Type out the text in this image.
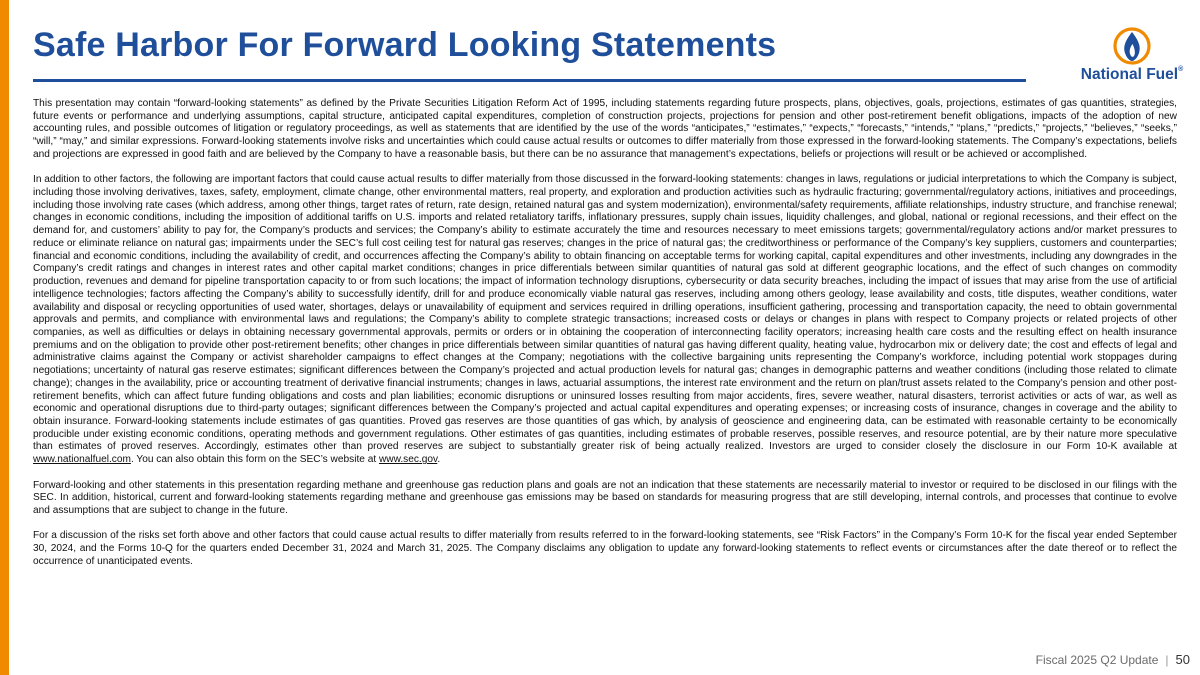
Safe Harbor For Forward Looking Statements
National Fuel®

This presentation may contain “forward-looking statements” as defined by the Private Securities Litigation Reform Act of 1995, including statements regarding future prospects, plans, objectives, goals, projections, estimates of gas quantities, strategies, future events or performance and underlying assumptions, capital structure, anticipated capital expenditures, completion of construction projects, projections for pension and other post-retirement benefit obligations, impacts of the adoption of new accounting rules, and possible outcomes of litigation or regulatory proceedings, as well as statements that are identified by the use of the words “anticipates,” “estimates,” “expects,” “forecasts,” “intends,” “plans,” “predicts,” “projects,” “believes,” “seeks,” “will,” “may,” and similar expressions. Forward-looking statements involve risks and uncertainties which could cause actual results or outcomes to differ materially from those expressed in the forward-looking statements. The Company’s expectations, beliefs and projections are expressed in good faith and are believed by the Company to have a reasonable basis, but there can be no assurance that management’s expectations, beliefs or projections will result or be achieved or accomplished.

In addition to other factors, the following are important factors that could cause actual results to differ materially from those discussed in the forward-looking statements: changes in laws, regulations or judicial interpretations to which the Company is subject, including those involving derivatives, taxes, safety, employment, climate change, other environmental matters, real property, and exploration and production activities such as hydraulic fracturing; governmental/regulatory actions, initiatives and proceedings, including those involving rate cases (which address, among other things, target rates of return, rate design, retained natural gas and system modernization), environmental/safety requirements, affiliate relationships, industry structure, and franchise renewal; changes in economic conditions, including the imposition of additional tariffs on U.S. imports and related retaliatory tariffs, inflationary pressures, supply chain issues, liquidity challenges, and global, national or regional recessions, and their effect on the demand for, and customers’ ability to pay for, the Company’s products and services; the Company’s ability to estimate accurately the time and resources necessary to meet emissions targets; governmental/regulatory actions and/or market pressures to reduce or eliminate reliance on natural gas; impairments under the SEC’s full cost ceiling test for natural gas reserves; changes in the price of natural gas; the creditworthiness or performance of the Company’s key suppliers, customers and counterparties; financial and economic conditions, including the availability of credit, and occurrences affecting the Company’s ability to obtain financing on acceptable terms for working capital, capital expenditures and other investments, including any downgrades in the Company’s credit ratings and changes in interest rates and other capital market conditions; changes in price differentials between similar quantities of natural gas sold at different geographic locations, and the effect of such changes on commodity production, revenues and demand for pipeline transportation capacity to or from such locations; the impact of information technology disruptions, cybersecurity or data security breaches, including the impact of issues that may arise from the use of artificial intelligence technologies; factors affecting the Company’s ability to successfully identify, drill for and produce economically viable natural gas reserves, including among others geology, lease availability and costs, title disputes, weather conditions, water availability and disposal or recycling opportunities of used water, shortages, delays or unavailability of equipment and services required in drilling operations, insufficient gathering, processing and transportation capacity, the need to obtain governmental approvals and permits, and compliance with environmental laws and regulations; the Company’s ability to complete strategic transactions; increased costs or delays or changes in plans with respect to Company projects or related projects of other companies, as well as difficulties or delays in obtaining necessary governmental approvals, permits or orders or in obtaining the cooperation of interconnecting facility operators; increasing health care costs and the resulting effect on health insurance premiums and on the obligation to provide other post-retirement benefits; other changes in price differentials between similar quantities of natural gas having different quality, heating value, hydrocarbon mix or delivery date; the cost and effects of legal and administrative claims against the Company or activist shareholder campaigns to effect changes at the Company; negotiations with the collective bargaining units representing the Company’s workforce, including potential work stoppages during negotiations; uncertainty of natural gas reserve estimates; significant differences between the Company’s projected and actual production levels for natural gas; changes in demographic patterns and weather conditions (including those related to climate change); changes in the availability, price or accounting treatment of derivative financial instruments; changes in laws, actuarial assumptions, the interest rate environment and the return on plan/trust assets related to the Company’s pension and other post-retirement benefits, which can affect future funding obligations and costs and plan liabilities; economic disruptions or uninsured losses resulting from major accidents, fires, severe weather, natural disasters, terrorist activities or acts of war, as well as economic and operational disruptions due to third-party outages; significant differences between the Company’s projected and actual capital expenditures and operating expenses; or increasing costs of insurance, changes in coverage and the ability to obtain insurance. Forward-looking statements include estimates of gas quantities. Proved gas reserves are those quantities of gas which, by analysis of geoscience and engineering data, can be estimated with reasonable certainty to be economically producible under existing economic conditions, operating methods and government regulations. Other estimates of gas quantities, including estimates of probable reserves, possible reserves, and resource potential, are by their nature more speculative than estimates of proved reserves. Accordingly, estimates other than proved reserves are subject to substantially greater risk of being actually realized. Investors are urged to consider closely the disclosure in our Form 10-K available at www.nationalfuel.com. You can also obtain this form on the SEC’s website at www.sec.gov.

Forward-looking and other statements in this presentation regarding methane and greenhouse gas reduction plans and goals are not an indication that these statements are necessarily material to investor or required to be disclosed in our filings with the SEC. In addition, historical, current and forward-looking statements regarding methane and greenhouse gas emissions may be based on standards for measuring progress that are still developing, internal controls, and processes that continue to evolve and assumptions that are subject to change in the future.

For a discussion of the risks set forth above and other factors that could cause actual results to differ materially from results referred to in the forward-looking statements, see “Risk Factors” in the Company’s Form 10-K for the fiscal year ended September 30, 2024, and the Forms 10-Q for the quarters ended December 31, 2024 and March 31, 2025. The Company disclaims any obligation to update any forward-looking statements to reflect events or circumstances after the date thereof or to reflect the occurrence of unanticipated events.

Fiscal 2025 Q2 Update | 50
